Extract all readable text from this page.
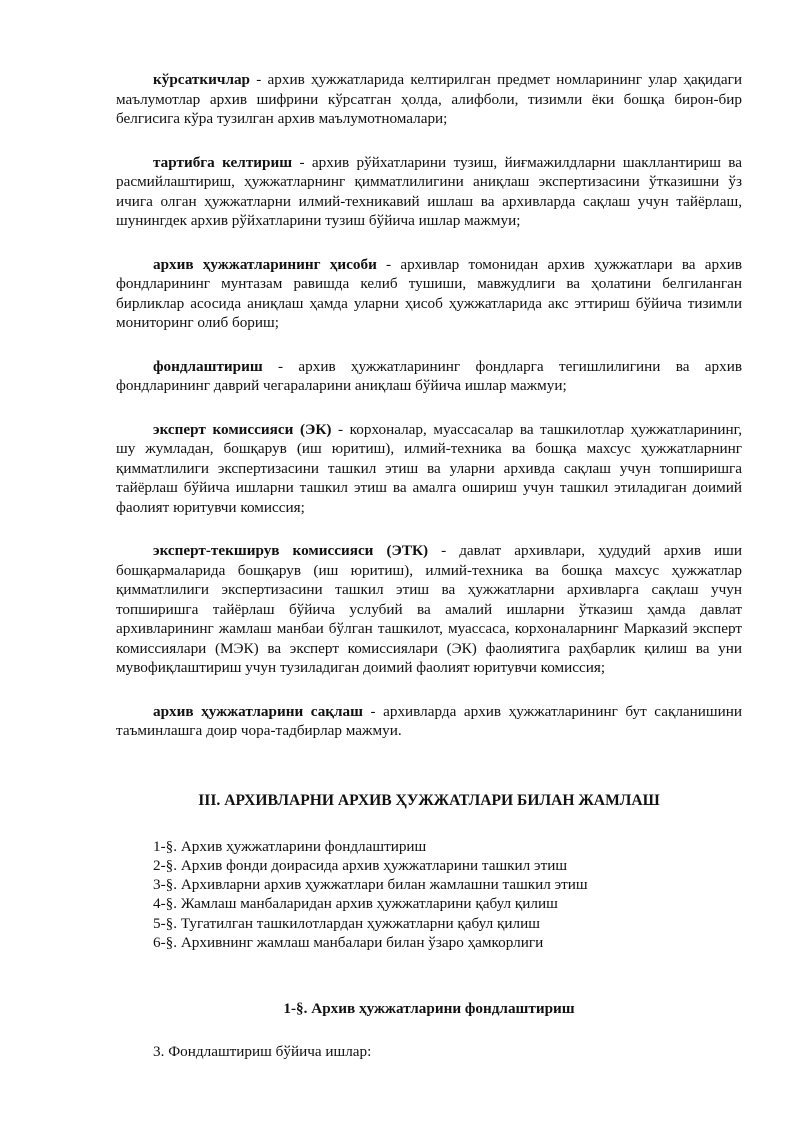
кўрсаткичлар - архив ҳужжатларида келтирилган предмет номларининг улар ҳақидаги маълумотлар архив шифрини кўрсатган ҳолда, алифболи, тизимли ёки бошқа бирон-бир белгисига кўра тузилган архив маълумотномалари;

тартибга келтириш - архив рўйхатларини тузиш, йиғмажилдларни шакллантириш ва расмийлаштириш, ҳужжатларнинг қимматлилигини аниқлаш экспертизасини ўтказишни ўз ичига олган ҳужжатларни илмий-техникавий ишлаш ва архивларда сақлаш учун тайёрлаш, шунингдек архив рўйхатларини тузиш бўйича ишлар мажмуи;

архив ҳужжатларининг ҳисоби - архивлар томонидан архив ҳужжатлари ва архив фондларининг мунтазам равишда келиб тушиши, мавжудлиги ва ҳолатини белгиланган бирликлар асосида аниқлаш ҳамда уларни ҳисоб ҳужжатларида акс эттириш бўйича тизимли мониторинг олиб бориш;

фондлаштириш - архив ҳужжатларининг фондларга тегишлилигини ва архив фондларининг даврий чегараларини аниқлаш бўйича ишлар мажмуи;

эксперт комиссияси (ЭК) - корхоналар, муассасалар ва ташкилотлар ҳужжатларининг, шу жумладан, бошқарув (иш юритиш), илмий-техника ва бошқа махсус ҳужжатларнинг қимматлилиги экспертизасини ташкил этиш ва уларни архивда сақлаш учун топширишга тайёрлаш бўйича ишларни ташкил этиш ва амалга ошириш учун ташкил этиладиган доимий фаолият юритувчи комиссия;

эксперт-текширув комиссияси (ЭТК) - давлат архивлари, ҳудудий архив иши бошқармаларида бошқарув (иш юритиш), илмий-техника ва бошқа махсус ҳужжатлар қимматлилиги экспертизасини ташкил этиш ва ҳужжатларни архивларга сақлаш учун топширишга тайёрлаш бўйича услубий ва амалий ишларни ўтказиш ҳамда давлат архивларининг жамлаш манбаи бўлган ташкилот, муассаса, корхоналарнинг Марказий эксперт комиссиялари (МЭК) ва эксперт комиссиялари (ЭК) фаолиятига раҳбарлик қилиш ва уни мувофиқлаштириш учун тузиладиган доимий фаолият юритувчи комиссия;

архив ҳужжатларини сақлаш - архивларда архив ҳужжатларининг бут сақланишини таъминлашга доир чора-тадбирлар мажмуи.

III. АРХИВЛАРНИ АРХИВ ҲУЖЖАТЛАРИ БИЛАН ЖАМЛАШ
1-§. Архив ҳужжатларини фондлаштириш
2-§. Архив фонди доирасида архив ҳужжатларини ташкил этиш
3-§. Архивларни архив ҳужжатлари билан жамлашни ташкил этиш
4-§. Жамлаш манбаларидан архив ҳужжатларини қабул қилиш
5-§. Тугатилган ташкилотлардан ҳужжатларни қабул қилиш
6-§. Архивнинг жамлаш манбалари билан ўзаро ҳамкорлиги
1-§. Архив ҳужжатларини фондлаштириш
3. Фондлаштириш бўйича ишлар:
